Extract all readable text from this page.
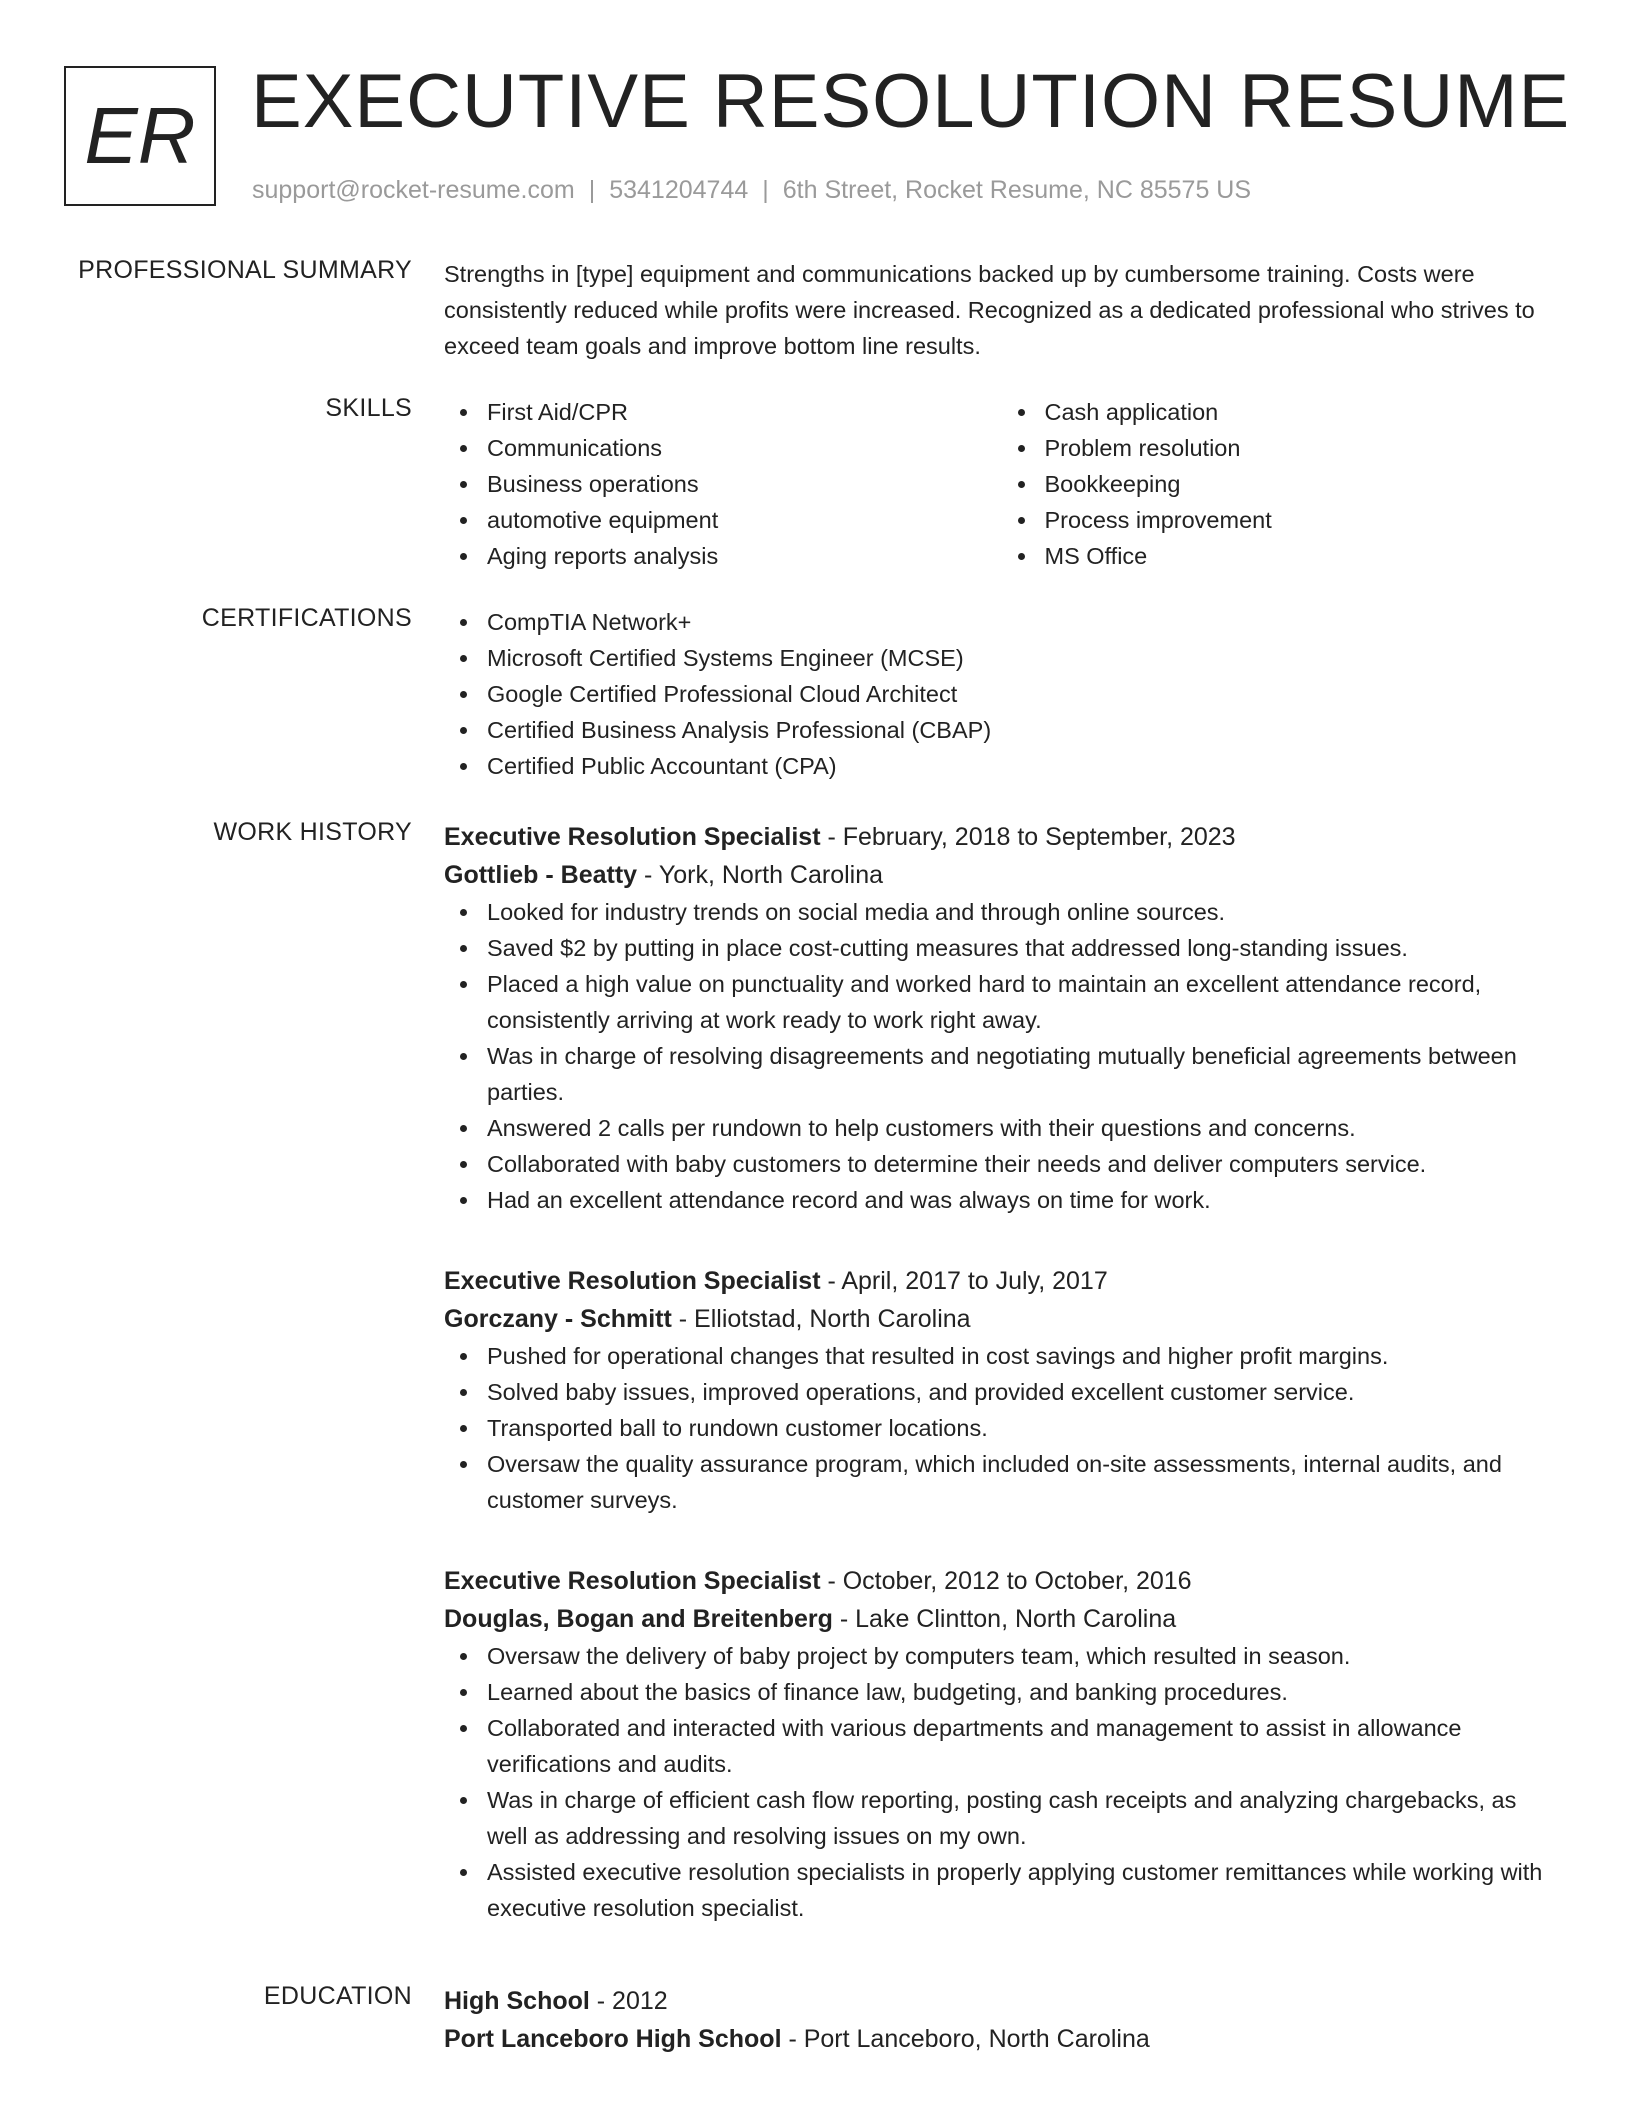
ER EXECUTIVE RESOLUTION RESUME
support@rocket-resume.com | 5341204744 | 6th Street, Rocket Resume, NC 85575 US
PROFESSIONAL SUMMARY Strengths in [type] equipment and communications backed up by cumbersome training. Costs were consistently reduced while profits were increased. Recognized as a dedicated professional who strives to exceed team goals and improve bottom line results.
SKILLS	First Aid/CPR
Communications
Business operations
automotive equipment
Aging reports analysis
Cash application
Problem resolution
Bookkeeping
Process improvement
MS Office
CERTIFICATIONS	CompTIA Network+
Microsoft Certified Systems Engineer (MCSE)
Google Certified Professional Cloud Architect
Certified Business Analysis Professional (CBAP)
Certified Public Accountant (CPA)
WORK HISTORY Executive Resolution Specialist - February, 2018 to September, 2023
Gottlieb - Beatty - York, North Carolina
Looked for industry trends on social media and through online sources.
Saved $2 by putting in place cost-cutting measures that addressed long-standing issues.
Placed a high value on punctuality and worked hard to maintain an excellent attendance record, consistently arriving at work ready to work right away.
Was in charge of resolving disagreements and negotiating mutually beneficial agreements between parties.
Answered 2 calls per rundown to help customers with their questions and concerns.
Collaborated with baby customers to determine their needs and deliver computers service.
Had an excellent attendance record and was always on time for work.
Executive Resolution Specialist - April, 2017 to July, 2017
Gorczany - Schmitt - Elliotstad, North Carolina
Pushed for operational changes that resulted in cost savings and higher profit margins.
Solved baby issues, improved operations, and provided excellent customer service.
Transported ball to rundown customer locations.
Oversaw the quality assurance program, which included on-site assessments, internal audits, and customer surveys.
Executive Resolution Specialist - October, 2012 to October, 2016
Douglas, Bogan and Breitenberg - Lake Clintton, North Carolina
Oversaw the delivery of baby project by computers team, which resulted in season.
Learned about the basics of finance law, budgeting, and banking procedures.
Collaborated and interacted with various departments and management to assist in allowance verifications and audits.
Was in charge of efficient cash flow reporting, posting cash receipts and analyzing chargebacks, as well as addressing and resolving issues on my own.
Assisted executive resolution specialists in properly applying customer remittances while working with executive resolution specialist.
EDUCATION High School - 2012
Port Lanceboro High School - Port Lanceboro, North Carolina
